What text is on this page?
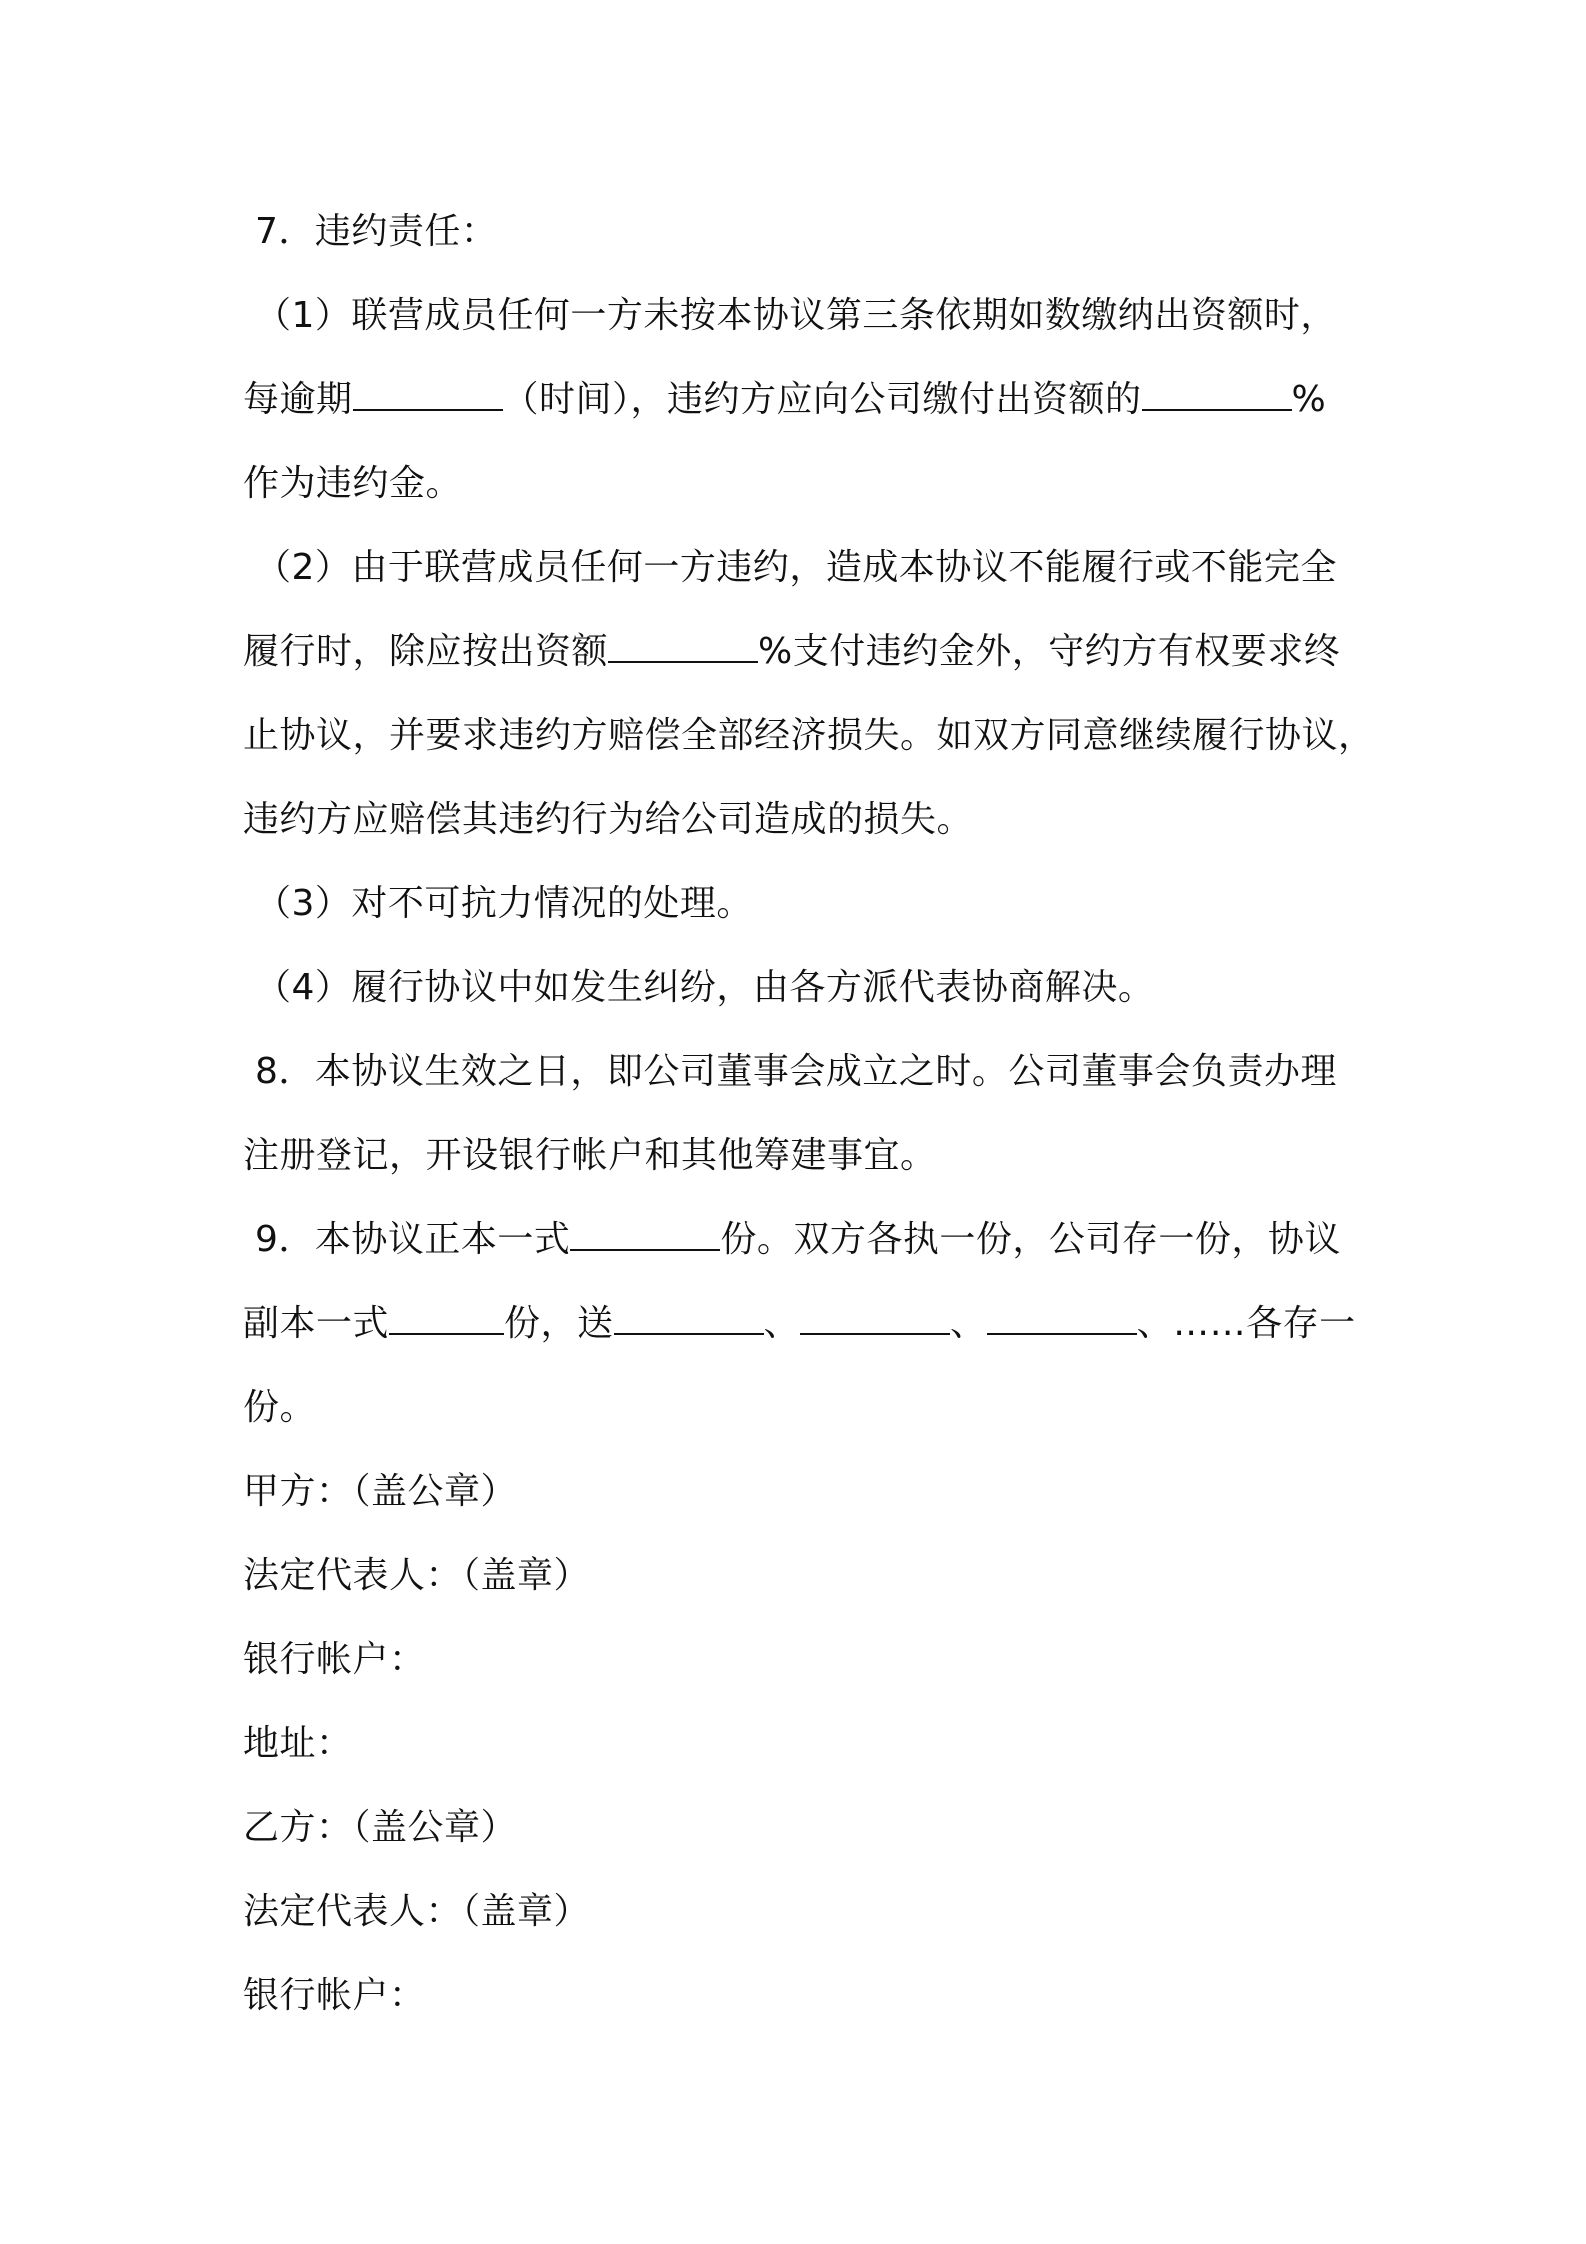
7．违约责任：
（1）联营成员任何一方未按本协议第三条依期如数缴纳出资额时，
每逾期	（时间），违约方应向公司缴付出资额的	%
作为违约金。
（2）由于联营成员任何一方违约，造成本协议不能履行或不能完全
履行时，除应按出资额	%支付违约金外，守约方有权要求终
止协议，并要求违约方赔偿全部经济损失。如双方同意继续履行协议，
违约方应赔偿其违约行为给公司造成的损失。
（3）对不可抗力情况的处理。
（4）履行协议中如发生纠纷，由各方派代表协商解决。
8．本协议生效之日，即公司董事会成立之时。公司董事会负责办理
注册登记，开设银行帐户和其他筹建事宜。
9．本协议正本一式	份。双方各执一份，公司存一份，协议
副本一式	份，送	、	、	、……各存一
份。
甲方：（盖公章）
法定代表人：（盖章）
银行帐户：
地址：
乙方：（盖公章）
法定代表人：（盖章）
银行帐户：
